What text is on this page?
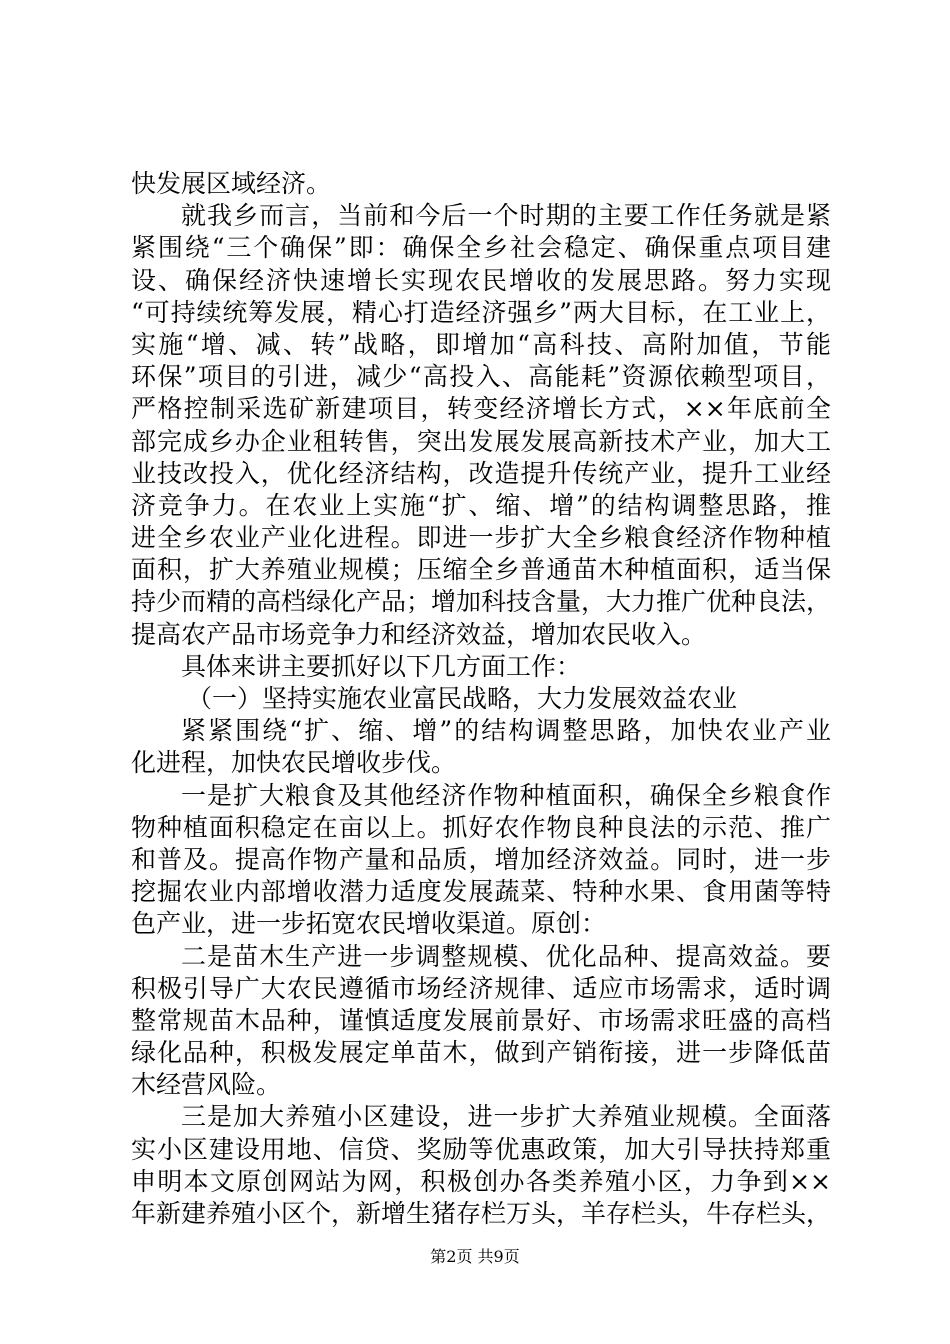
快发展区域经济。
就我乡而言，当前和今后一个时期的主要工作任务就是紧
紧围绕“三个确保”即：确保全乡社会稳定、确保重点项目建
设、确保经济快速增长实现农民增收的发展思路。努力实现
“可持续统筹发展，精心打造经济强乡”两大目标，在工业上，
实施“增、减、转”战略，即增加“高科技、高附加值，节能
环保”项目的引进，减少“高投入、高能耗”资源依赖型项目，
严格控制采选矿新建项目，转变经济增长方式，××年底前全
部完成乡办企业租转售，突出发展发展高新技术产业，加大工
业技改投入，优化经济结构，改造提升传统产业，提升工业经
济竞争力。在农业上实施“扩、缩、增”的结构调整思路，推
进全乡农业产业化进程。即进一步扩大全乡粮食经济作物种植
面积，扩大养殖业规模；压缩全乡普通苗木种植面积，适当保
持少而精的高档绿化产品；增加科技含量，大力推广优种良法，
提高农产品市场竞争力和经济效益，增加农民收入。
具体来讲主要抓好以下几方面工作：
（一）坚持实施农业富民战略，大力发展效益农业
紧紧围绕“扩、缩、增”的结构调整思路，加快农业产业
化进程，加快农民增收步伐。
一是扩大粮食及其他经济作物种植面积，确保全乡粮食作
物种植面积稳定在亩以上。抓好农作物良种良法的示范、推广
和普及。提高作物产量和品质，增加经济效益。同时，进一步
挖掘农业内部增收潜力适度发展蔬菜、特种水果、食用菌等特
色产业，进一步拓宽农民增收渠道。原创：
二是苗木生产进一步调整规模、优化品种、提高效益。要
积极引导广大农民遵循市场经济规律、适应市场需求，适时调
整常规苗木品种，谨慎适度发展前景好、市场需求旺盛的高档
绿化品种，积极发展定单苗木，做到产销衔接，进一步降低苗
木经营风险。
三是加大养殖小区建设，进一步扩大养殖业规模。全面落
实小区建设用地、信贷、奖励等优惠政策，加大引导扶持郑重
申明本文原创网站为网，积极创办各类养殖小区，力争到××
年新建养殖小区个，新增生猪存栏万头，羊存栏头，牛存栏头，
第2页 共9页
